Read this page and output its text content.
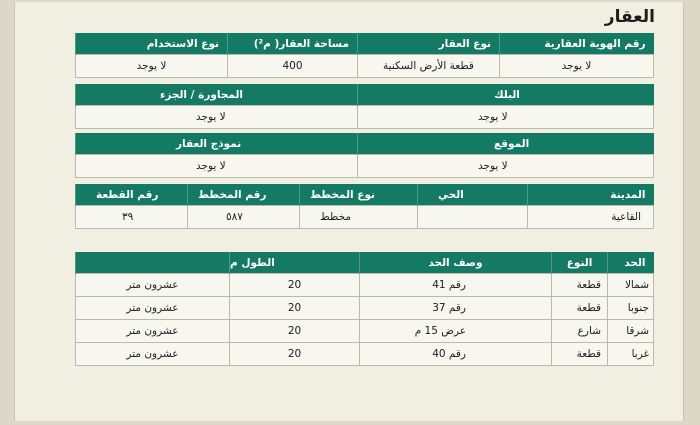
العقار
رقم الهوية العقارية	نوع العقار	مساحة العقار( م²)	نوع الاستخدام
لا يوجد	قطعة الأرض السكنية	400	لا يوجد
البلك	المجاورة / الجزء
لا يوجد	لا يوجد
الموقع	نموذج العقار
لا يوجد	لا يوجد
المدينة	الحي	نوع المخطط	رقم المخطط	رقم القطعة
القاعية		مخطط	٥٨٧	٣٩
الحد	النوع	وصف الحد	الطول م	
شمالا	قطعة	رقم 41	20	عشرون متر
جنوبا	قطعة	رقم 37	20	عشرون متر
شرقا	شارع	عرض 15 م	20	عشرون متر
غربا	قطعة	رقم 40	20	عشرون متر
